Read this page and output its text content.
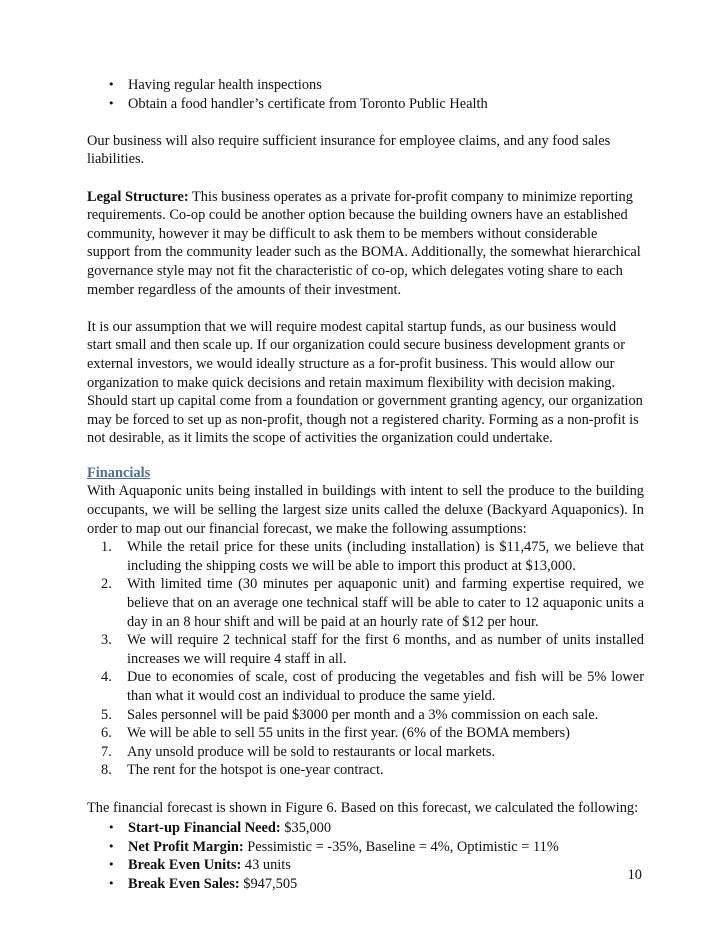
• Having regular health inspections
• Obtain a food handler’s certificate from Toronto Public Health

Our business will also require sufficient insurance for employee claims, and any food sales liabilities.

Legal Structure: This business operates as a private for-profit company to minimize reporting requirements. Co-op could be another option because the building owners have an established community, however it may be difficult to ask them to be members without considerable support from the community leader such as the BOMA. Additionally, the somewhat hierarchical governance style may not fit the characteristic of co-op, which delegates voting share to each member regardless of the amounts of their investment.

It is our assumption that we will require modest capital startup funds, as our business would start small and then scale up. If our organization could secure business development grants or external investors, we would ideally structure as a for-profit business. This would allow our organization to make quick decisions and retain maximum flexibility with decision making. Should start up capital come from a foundation or government granting agency, our organization may be forced to set up as non-profit, though not a registered charity. Forming as a non-profit is not desirable, as it limits the scope of activities the organization could undertake.

Financials

With Aquaponic units being installed in buildings with intent to sell the produce to the building occupants, we will be selling the largest size units called the deluxe (Backyard Aquaponics). In order to map out our financial forecast, we make the following assumptions:

1. While the retail price for these units (including installation) is $11,475, we believe that including the shipping costs we will be able to import this product at $13,000.
2. With limited time (30 minutes per aquaponic unit) and farming expertise required, we believe that on an average one technical staff will be able to cater to 12 aquaponic units a day in an 8 hour shift and will be paid at an hourly rate of $12 per hour.
3. We will require 2 technical staff for the first 6 months, and as number of units installed increases we will require 4 staff in all.
4. Due to economies of scale, cost of producing the vegetables and fish will be 5% lower than what it would cost an individual to produce the same yield.
5. Sales personnel will be paid $3000 per month and a 3% commission on each sale.
6. We will be able to sell 55 units in the first year. (6% of the BOMA members)
7. Any unsold produce will be sold to restaurants or local markets.
8. The rent for the hotspot is one-year contract.

The financial forecast is shown in Figure 6. Based on this forecast, we calculated the following:

• Start-up Financial Need: $35,000
• Net Profit Margin: Pessimistic = -35%, Baseline = 4%, Optimistic = 11%
• Break Even Units: 43 units
• Break Even Sales: $947,505
10
